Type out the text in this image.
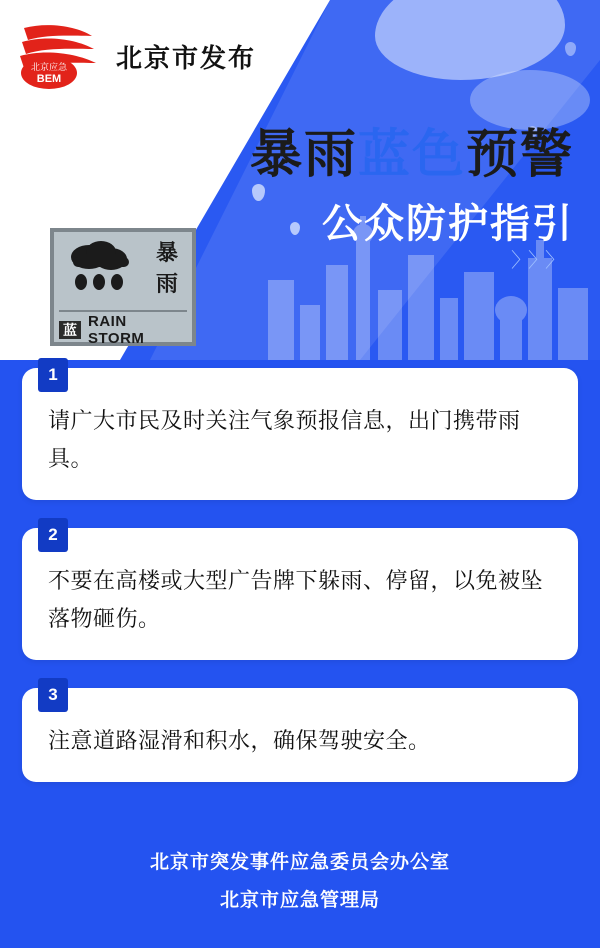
北京应急
BEM
北京市发布
暴雨蓝色预警
公众防护指引
〉〉〉
暴
雨
蓝 RAIN STORM
1
请广大市民及时关注气象预报信息，出门携带雨具。
2
不要在高楼或大型广告牌下躲雨、停留，以免被坠落物砸伤。
3
注意道路湿滑和积水，确保驾驶安全。
北京市突发事件应急委员会办公室
北京市应急管理局
